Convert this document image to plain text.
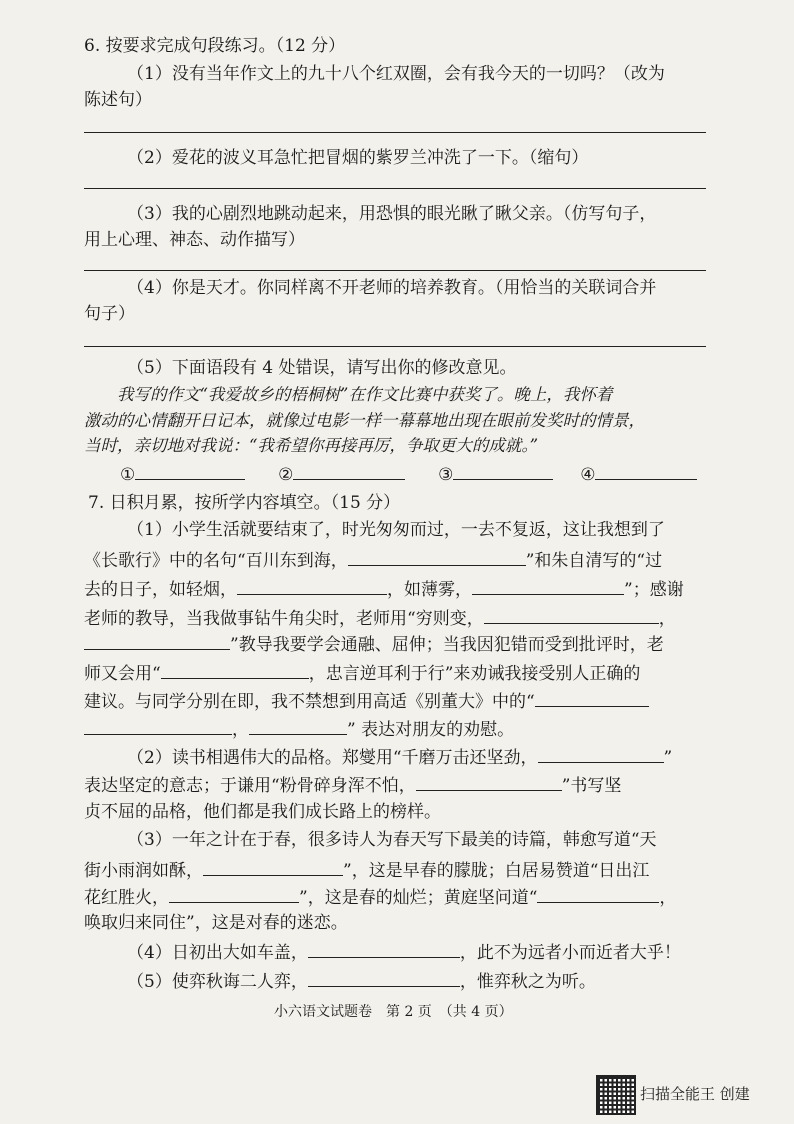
6. 按要求完成句段练习。（12 分）
（1）没有当年作文上的九十八个红双圈，会有我今天的一切吗？（改为
陈述句）
（2）爱花的波义耳急忙把冒烟的紫罗兰冲洗了一下。（缩句）
（3）我的心剧烈地跳动起来，用恐惧的眼光瞅了瞅父亲。（仿写句子，
用上心理、神态、动作描写）
（4）你是天才。你同样离不开老师的培养教育。（用恰当的关联词合并
句子）
（5）下面语段有 4 处错误，请写出你的修改意见。
我写的作文“我爱故乡的梧桐树”在作文比赛中获奖了。晚上，我怀着
激动的心情翻开日记本，就像过电影一样一幕幕地出现在眼前发奖时的情景，
当时，亲切地对我说：“我希望你再接再厉，争取更大的成就。”
①	②	③	④
7. 日积月累，按所学内容填空。（15 分）
（1）小学生活就要结束了，时光匆匆而过，一去不复返，这让我想到了
《长歌行》中的名句“百川东到海，	”和朱自清写的“过
去的日子，如轻烟，	，如薄雾，	”；感谢
老师的教导，当我做事钻牛角尖时，老师用“穷则变，	，
”教导我要学会通融、屈伸；当我因犯错而受到批评时，老
师又会用“	，忠言逆耳利于行”来劝诫我接受别人正确的
建议。与同学分别在即，我不禁想到用高适《别董大》中的“
，	” 表达对朋友的劝慰。
（2）读书相遇伟大的品格。郑燮用“千磨万击还坚劲，	”
表达坚定的意志；于谦用“粉骨碎身浑不怕，	”书写坚
贞不屈的品格，他们都是我们成长路上的榜样。
（3）一年之计在于春，很多诗人为春天写下最美的诗篇，韩愈写道“天
街小雨润如酥，	”，这是早春的朦胧；白居易赞道“日出江
花红胜火，	”，这是春的灿烂；黄庭坚问道“	，
唤取归来同住”，这是对春的迷恋。
（4）日初出大如车盖，	，此不为远者小而近者大乎！
（5）使弈秋诲二人弈，	，惟弈秋之为听。
小六语文试题卷　第 2 页　（共 4 页）
扫描全能王 创建
